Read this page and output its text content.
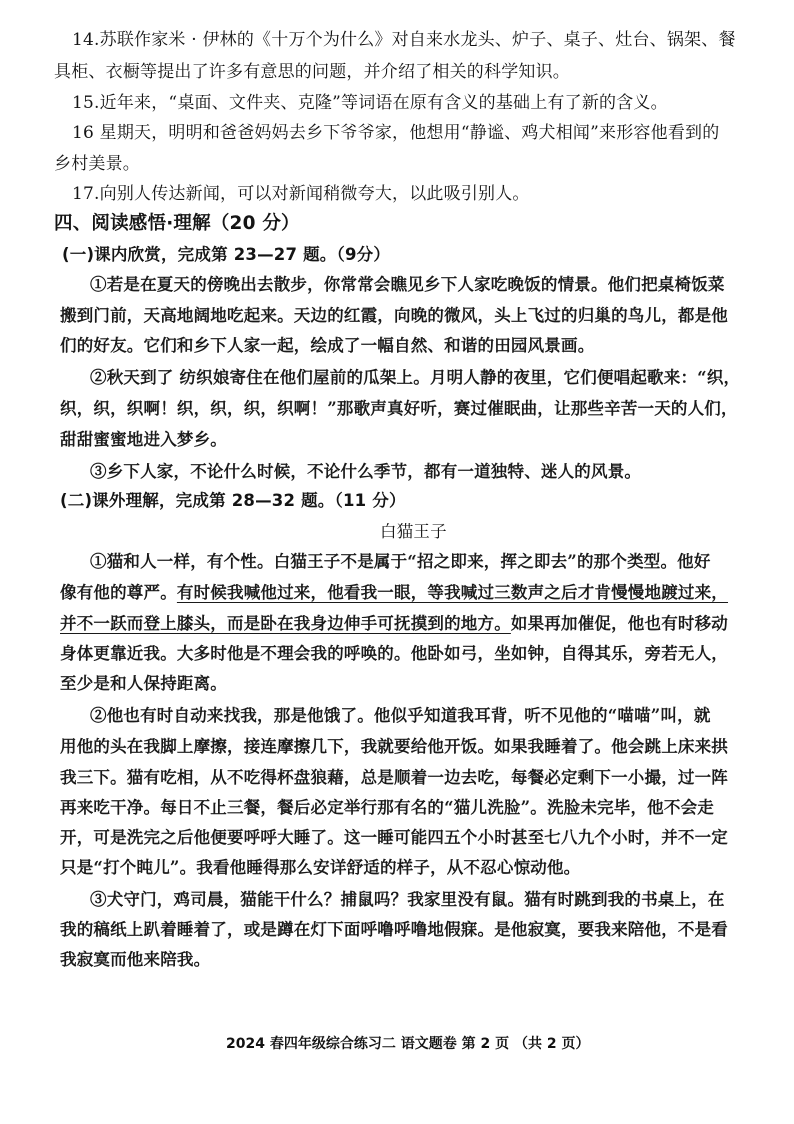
14.苏联作家米 · 伊林的《十万个为什么》对自来水龙头、炉子、桌子、灶台、锅架、餐
具柜、衣橱等提出了许多有意思的问题，并介绍了相关的科学知识。
15.近年来，“桌面、文件夹、克隆”等词语在原有含义的基础上有了新的含义。
16 星期天，明明和爸爸妈妈去乡下爷爷家，他想用“静谧、鸡犬相闻”来形容他看到的
乡村美景。
17.向别人传达新闻，可以对新闻稍微夸大，以此吸引别人。
四、阅读感悟·理解（20 分）
(一)课内欣赏，完成第 23—27 题。（9分）
①若是在夏天的傍晚出去散步，你常常会瞧见乡下人家吃晚饭的情景。他们把桌椅饭菜
搬到门前，天高地阔地吃起来。天边的红霞，向晚的微风，头上飞过的归巢的鸟儿，都是他
们的好友。它们和乡下人家一起，绘成了一幅自然、和谐的田园风景画。
②秋天到了 纺织娘寄住在他们屋前的瓜架上。月明人静的夜里，它们便唱起歌来：“织，
织，织，织啊！织，织，织，织啊！”那歌声真好听，赛过催眠曲，让那些辛苦一天的人们，
甜甜蜜蜜地进入梦乡。
③乡下人家，不论什么时候，不论什么季节，都有一道独特、迷人的风景。
(二)课外理解，完成第 28—32 题。（11 分）
白猫王子
①猫和人一样，有个性。白猫王子不是属于“招之即来，挥之即去”的那个类型。他好
像有他的尊严。有时候我喊他过来，他看我一眼，等我喊过三数声之后才肯慢慢地踱过来，
并不一跃而登上膝头，而是卧在我身边伸手可抚摸到的地方。如果再加催促，他也有时移动
身体更靠近我。大多时他是不理会我的呼唤的。他卧如弓，坐如钟，自得其乐，旁若无人，
至少是和人保持距离。
②他也有时自动来找我，那是他饿了。他似乎知道我耳背，听不见他的“喵喵”叫，就
用他的头在我脚上摩擦，接连摩擦几下，我就要给他开饭。如果我睡着了。他会跳上床来拱
我三下。猫有吃相，从不吃得杯盘狼藉，总是顺着一边去吃，每餐必定剩下一小撮，过一阵
再来吃干净。每日不止三餐，餐后必定举行那有名的“猫儿洗脸”。洗脸未完毕，他不会走
开，可是洗完之后他便要呼呼大睡了。这一睡可能四五个小时甚至七八九个小时，并不一定
只是“打个盹儿”。我看他睡得那么安详舒适的样子，从不忍心惊动他。
③犬守门，鸡司晨，猫能干什么？捕鼠吗？我家里没有鼠。猫有时跳到我的书桌上，在
我的稿纸上趴着睡着了，或是蹲在灯下面呼噜呼噜地假寐。是他寂寞，要我来陪他，不是看
我寂寞而他来陪我。
2024 春四年级综合练习二 语文题卷 第 2 页 （共 2 页）
